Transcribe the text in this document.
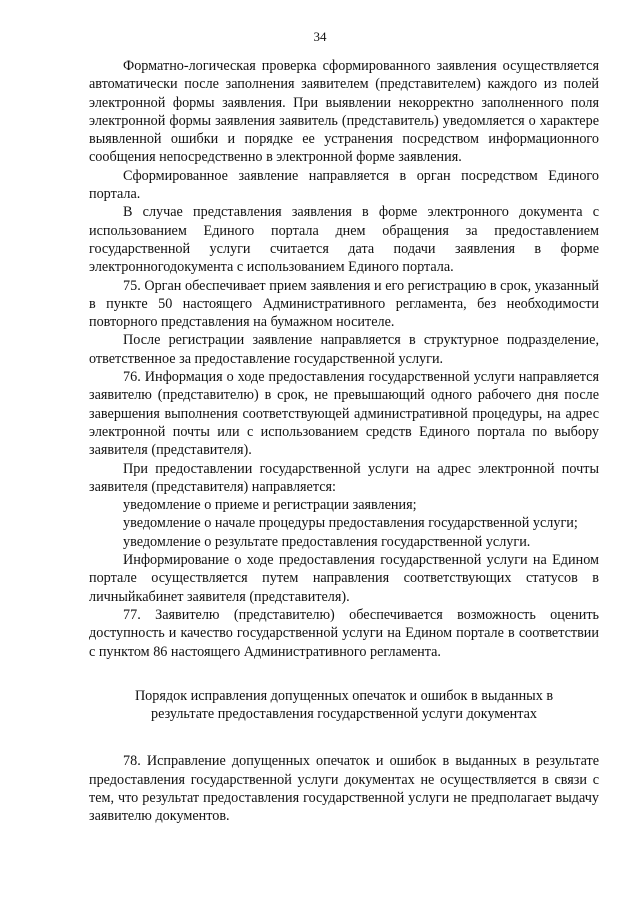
34

Форматно-логическая проверка сформированного заявления осуществляется автоматически после заполнения заявителем (представителем) каждого из полей электронной формы заявления. При выявлении некорректно заполненного поля электронной формы заявления заявитель (представитель) уведомляется о характере выявленной ошибки и порядке ее устранения посредством информационного сообщения непосредственно в электронной форме заявления.

Сформированное заявление направляется в орган посредством Единого портала.

В случае представления заявления в форме электронного документа с использованием Единого портала днем обращения за предоставлением государственной услуги считается дата подачи заявления в форме электронногодокумента с использованием Единого портала.

75. Орган обеспечивает прием заявления и его регистрацию в срок, указанный в пункте 50 настоящего Административного регламента, без необходимости повторного представления на бумажном носителе.

После регистрации заявление направляется в структурное подразделение, ответственное за предоставление государственной услуги.

76. Информация о ходе предоставления государственной услуги направляется заявителю (представителю) в срок, не превышающий одного рабочего дня после завершения выполнения соответствующей административной процедуры, на адрес электронной почты или с использованием средств Единого портала по выбору заявителя (представителя).

При предоставлении государственной услуги на адрес электронной почты заявителя (представителя) направляется:

уведомление о приеме и регистрации заявления;

уведомление о начале процедуры предоставления государственной услуги;

уведомление о результате предоставления государственной услуги.

Информирование о ходе предоставления государственной услуги на Едином портале осуществляется путем направления соответствующих статусов в личныйкабинет заявителя (представителя).

77. Заявителю (представителю) обеспечивается возможность оценить доступность и качество государственной услуги на Едином портале в соответствии с пунктом 86 настоящего Административного регламента.

Порядок исправления допущенных опечаток и ошибок в выданных в результате предоставления государственной услуги документах

78. Исправление допущенных опечаток и ошибок в выданных в результате предоставления государственной услуги документах не осуществляется в связи с тем, что результат предоставления государственной услуги не предполагает выдачу заявителю документов.
